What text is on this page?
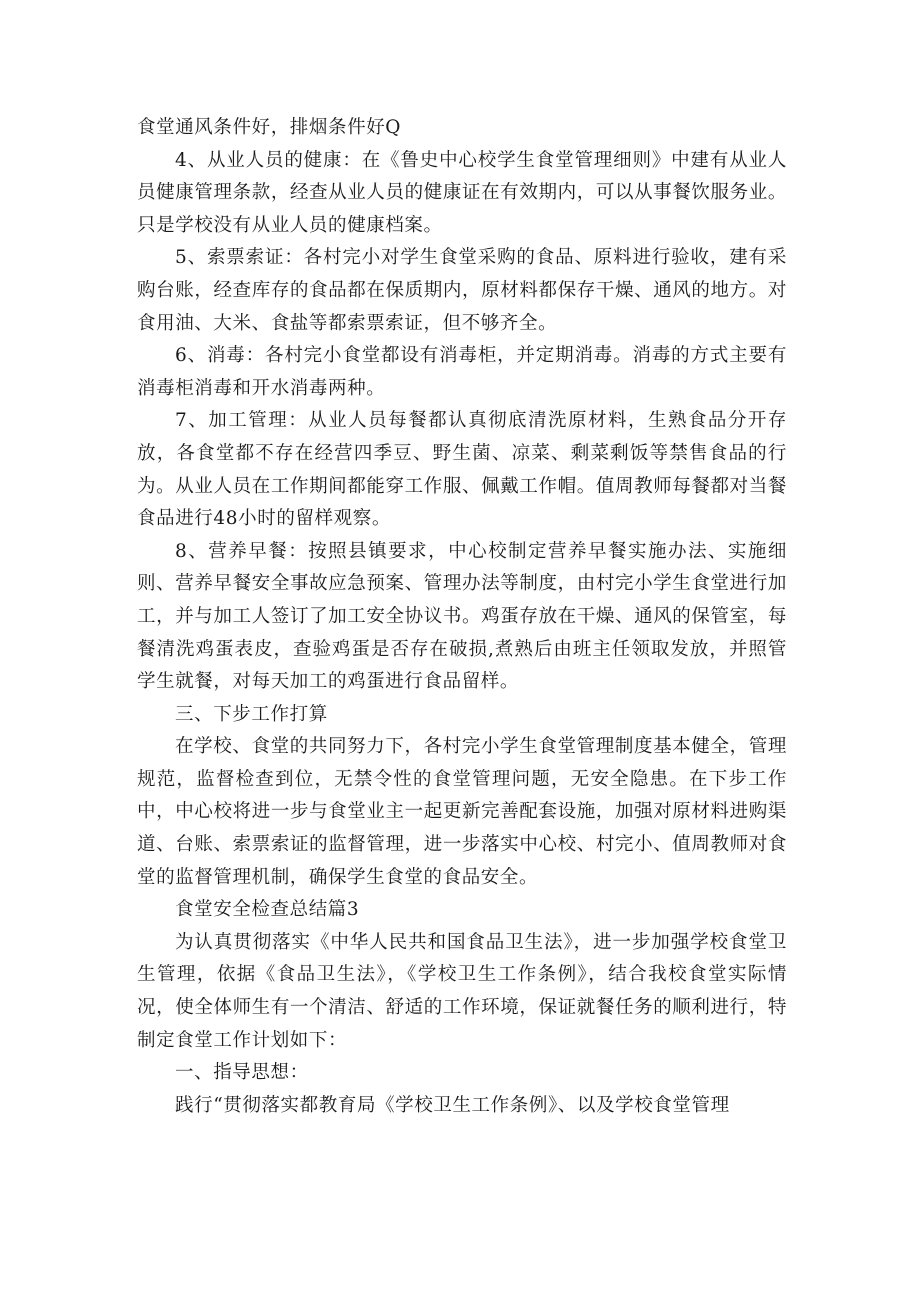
食堂通风条件好，排烟条件好Q

4、从业人员的健康：在《鲁史中心校学生食堂管理细则》中建有从业人员健康管理条款，经查从业人员的健康证在有效期内，可以从事餐饮服务业。只是学校没有从业人员的健康档案。

5、索票索证：各村完小对学生食堂采购的食品、原料进行验收，建有采购台账，经查库存的食品都在保质期内，原材料都保存干燥、通风的地方。对食用油、大米、食盐等都索票索证，但不够齐全。

6、消毒：各村完小食堂都设有消毒柜，并定期消毒。消毒的方式主要有消毒柜消毒和开水消毒两种。

7、加工管理：从业人员每餐都认真彻底清洗原材料，生熟食品分开存放，各食堂都不存在经营四季豆、野生菌、凉菜、剩菜剩饭等禁售食品的行为。从业人员在工作期间都能穿工作服、佩戴工作帽。值周教师每餐都对当餐食品进行48小时的留样观察。

8、营养早餐：按照县镇要求，中心校制定营养早餐实施办法、实施细则、营养早餐安全事故应急预案、管理办法等制度，由村完小学生食堂进行加工，并与加工人签订了加工安全协议书。鸡蛋存放在干燥、通风的保管室，每餐清洗鸡蛋表皮，查验鸡蛋是否存在破损,煮熟后由班主任领取发放，并照管学生就餐，对每天加工的鸡蛋进行食品留样。

三、下步工作打算

在学校、食堂的共同努力下，各村完小学生食堂管理制度基本健全，管理规范，监督检查到位，无禁令性的食堂管理问题，无安全隐患。在下步工作中，中心校将进一步与食堂业主一起更新完善配套设施，加强对原材料进购渠道、台账、索票索证的监督管理，进一步落实中心校、村完小、值周教师对食堂的监督管理机制，确保学生食堂的食品安全。

食堂安全检查总结篇3

为认真贯彻落实《中华人民共和国食品卫生法》，进一步加强学校食堂卫生管理，依据《食品卫生法》，《学校卫生工作条例》，结合我校食堂实际情况，使全体师生有一个清洁、舒适的工作环境，保证就餐任务的顺利进行，特制定食堂工作计划如下：

一、指导思想：

践行“贯彻落实都教育局《学校卫生工作条例》、以及学校食堂管理
